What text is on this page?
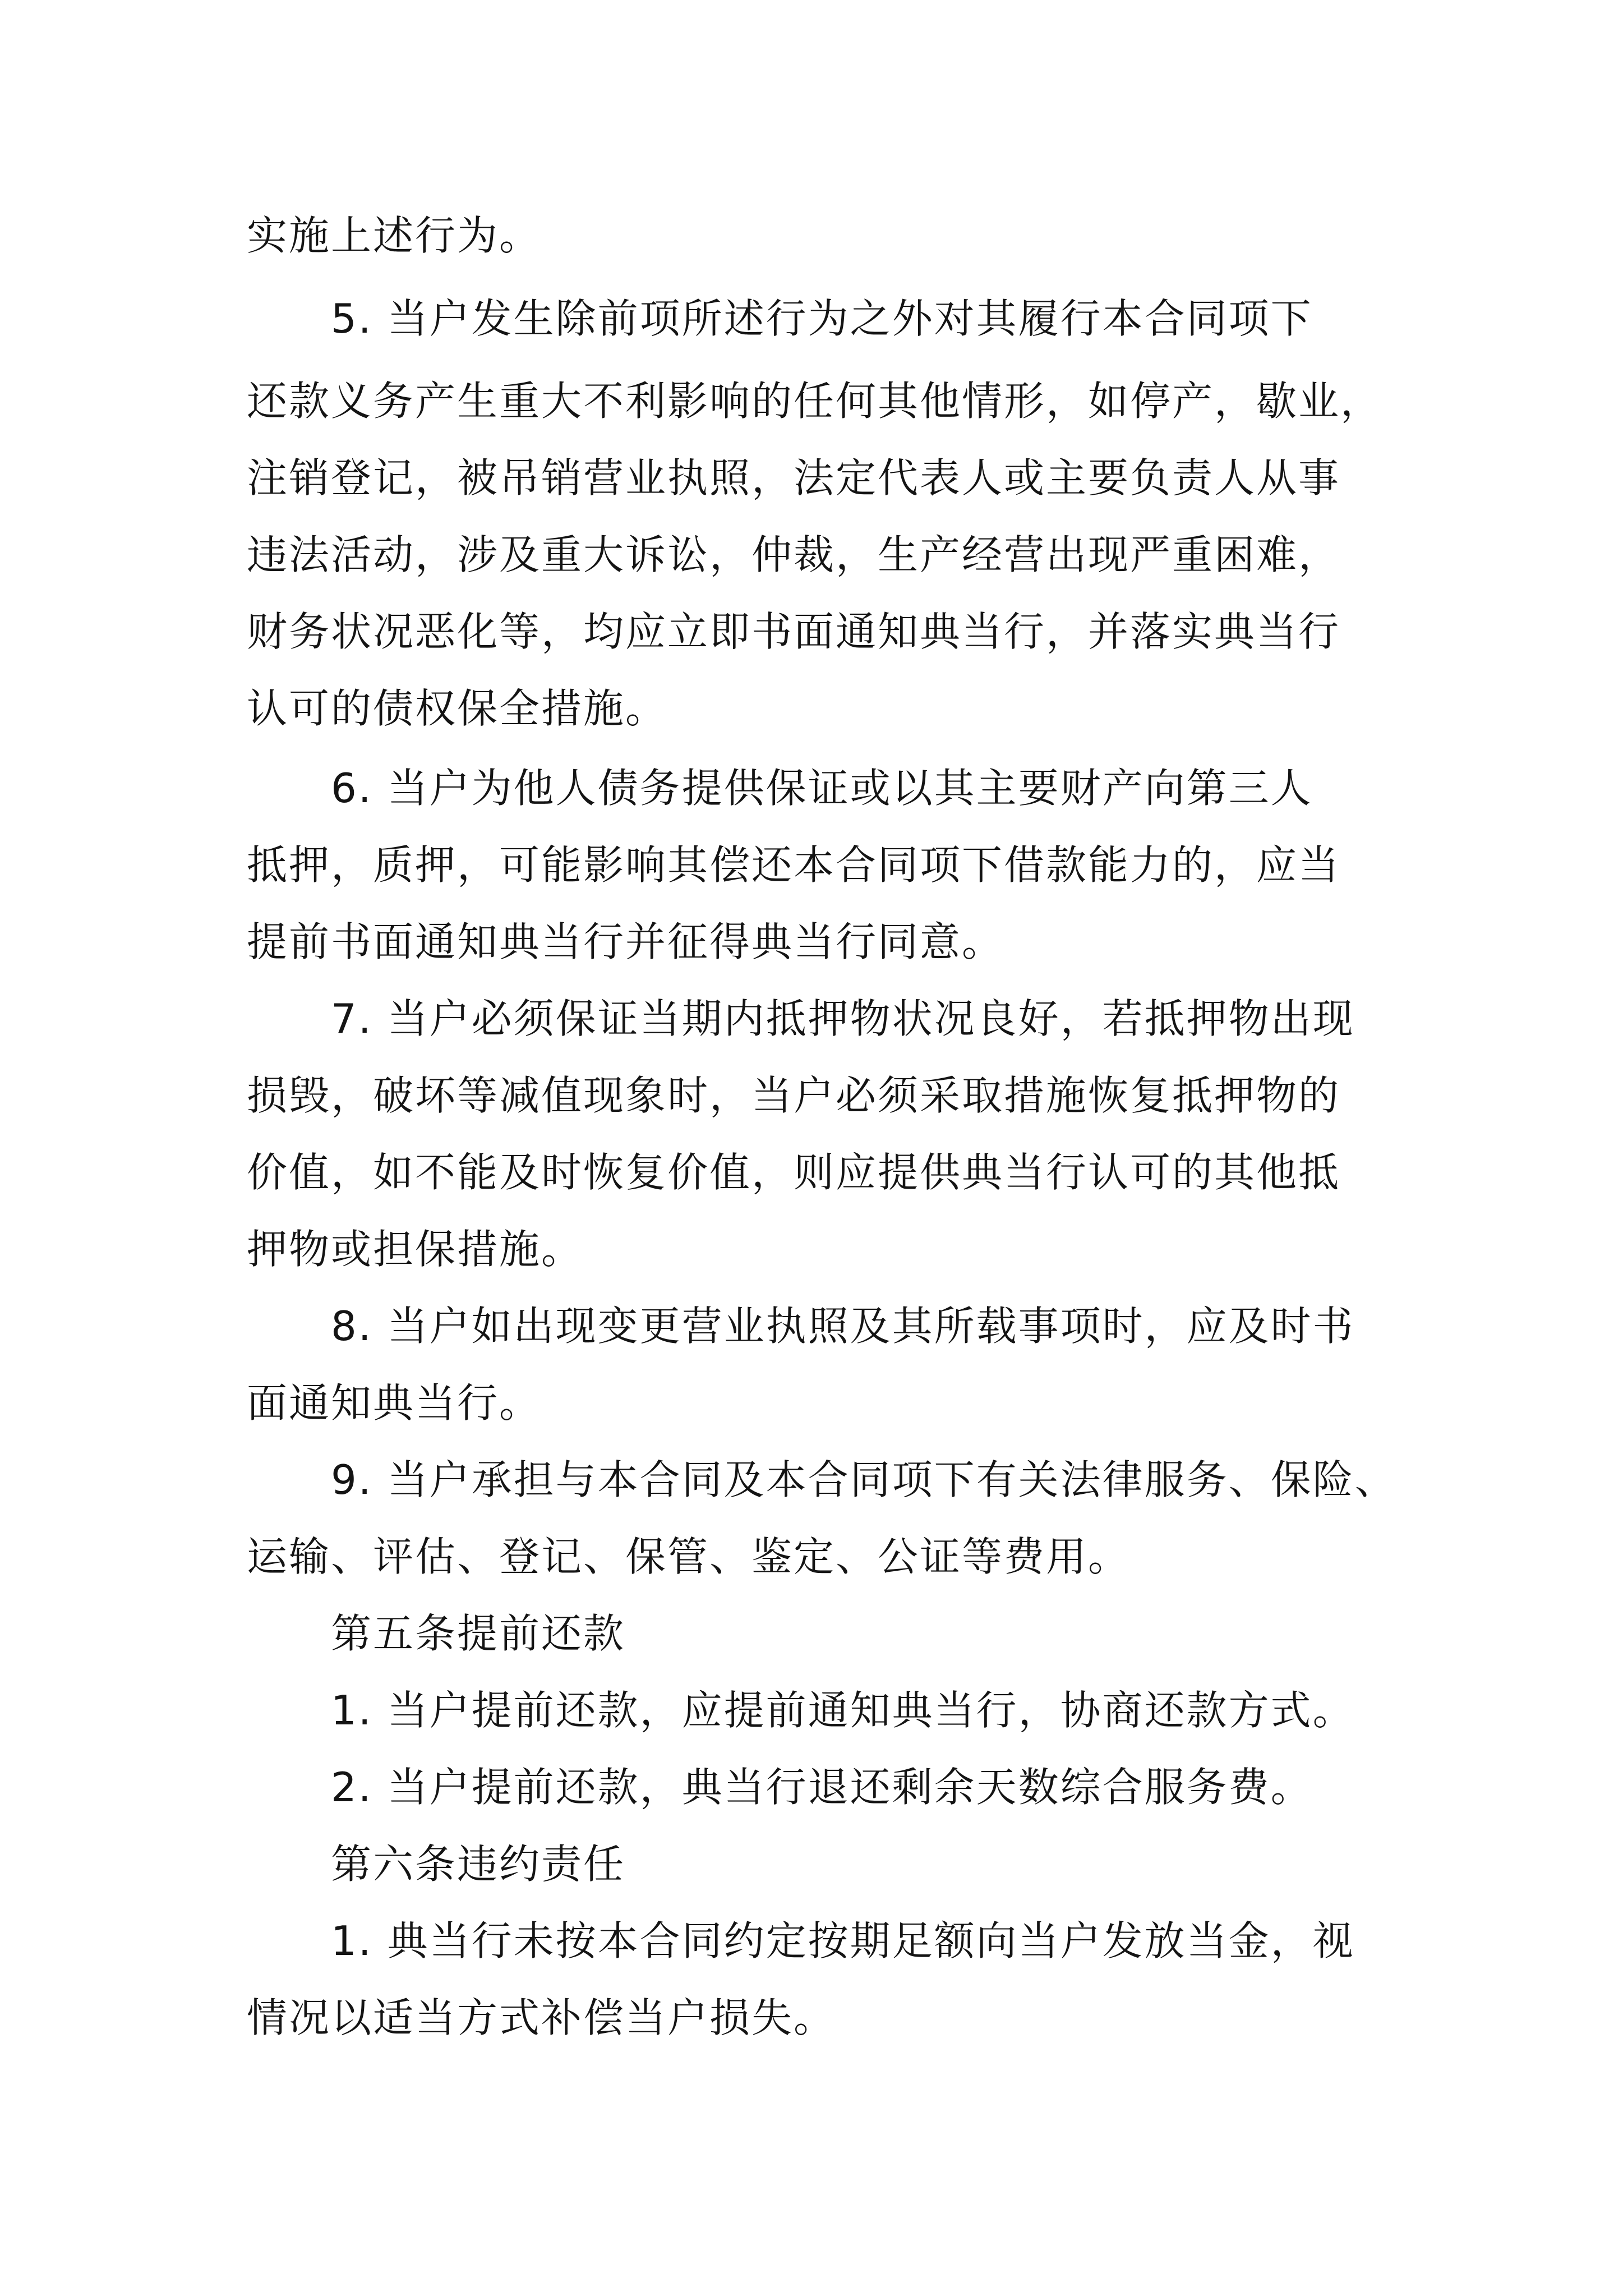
实施上述行为。
5. 当户发生除前项所述行为之外对其履行本合同项下
还款义务产生重大不利影响的任何其他情形，如停产，歇业，
注销登记，被吊销营业执照，法定代表人或主要负责人从事
违法活动，涉及重大诉讼，仲裁，生产经营出现严重困难，
财务状况恶化等，均应立即书面通知典当行，并落实典当行
认可的债权保全措施。
6. 当户为他人债务提供保证或以其主要财产向第三人
抵押，质押，可能影响其偿还本合同项下借款能力的，应当
提前书面通知典当行并征得典当行同意。
7. 当户必须保证当期内抵押物状况良好，若抵押物出现
损毁，破坏等减值现象时，当户必须采取措施恢复抵押物的
价值，如不能及时恢复价值，则应提供典当行认可的其他抵
押物或担保措施。
8. 当户如出现变更营业执照及其所载事项时，应及时书
面通知典当行。
9. 当户承担与本合同及本合同项下有关法律服务、保险、
运输、评估、登记、保管、鉴定、公证等费用。
第五条提前还款
1. 当户提前还款，应提前通知典当行，协商还款方式。
2. 当户提前还款，典当行退还剩余天数综合服务费。
第六条违约责任
1. 典当行未按本合同约定按期足额向当户发放当金，视
情况以适当方式补偿当户损失。
